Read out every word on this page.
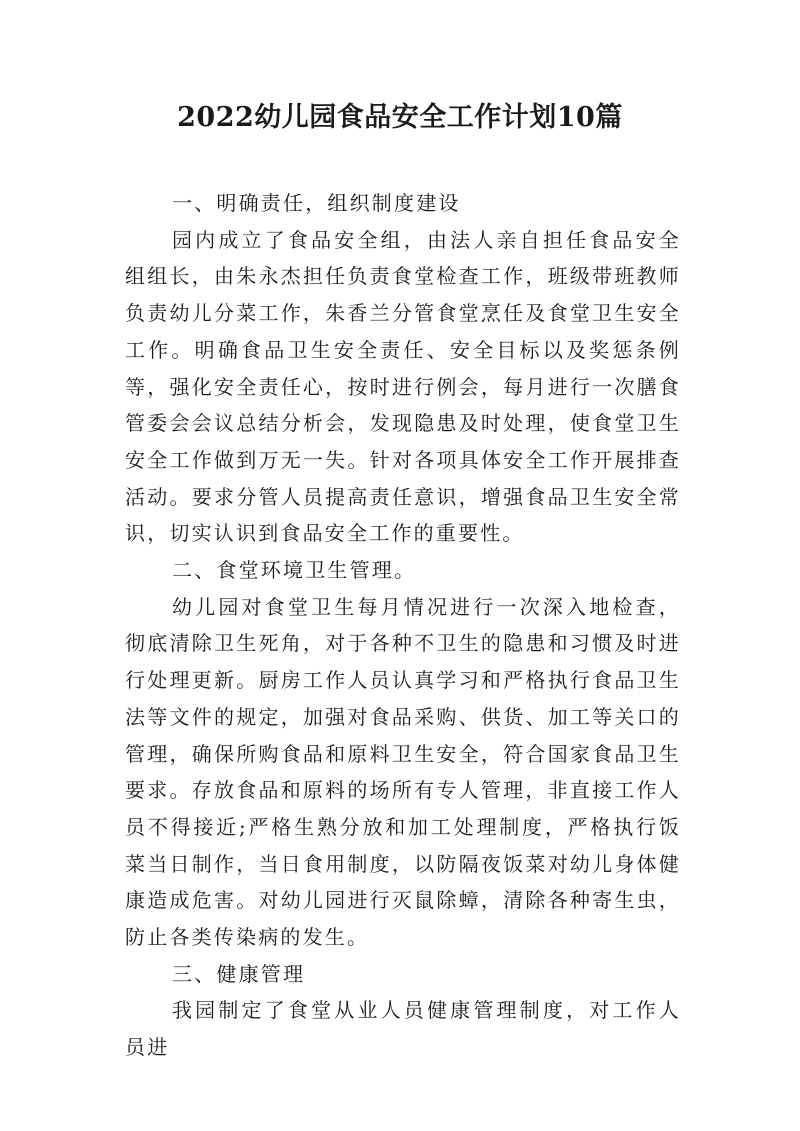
2022幼儿园食品安全工作计划10篇

一、明确责任，组织制度建设

园内成立了食品安全组，由法人亲自担任食品安全组组长，由朱永杰担任负责食堂检查工作，班级带班教师负责幼儿分菜工作，朱香兰分管食堂烹任及食堂卫生安全工作。明确食品卫生安全责任、安全目标以及奖惩条例等，强化安全责任心，按时进行例会，每月进行一次膳食管委会会议总结分析会，发现隐患及时处理，使食堂卫生安全工作做到万无一失。针对各项具体安全工作开展排查活动。要求分管人员提高责任意识，增强食品卫生安全常识，切实认识到食品安全工作的重要性。

二、食堂环境卫生管理。

幼儿园对食堂卫生每月情况进行一次深入地检查，彻底清除卫生死角，对于各种不卫生的隐患和习惯及时进行处理更新。厨房工作人员认真学习和严格执行食品卫生法等文件的规定，加强对食品采购、供货、加工等关口的管理，确保所购食品和原料卫生安全，符合国家食品卫生要求。存放食品和原料的场所有专人管理，非直接工作人员不得接近;严格生熟分放和加工处理制度，严格执行饭菜当日制作，当日食用制度，以防隔夜饭菜对幼儿身体健康造成危害。对幼儿园进行灭鼠除蟑，清除各种寄生虫，防止各类传染病的发生。

三、健康管理

我园制定了食堂从业人员健康管理制度，对工作人员进
